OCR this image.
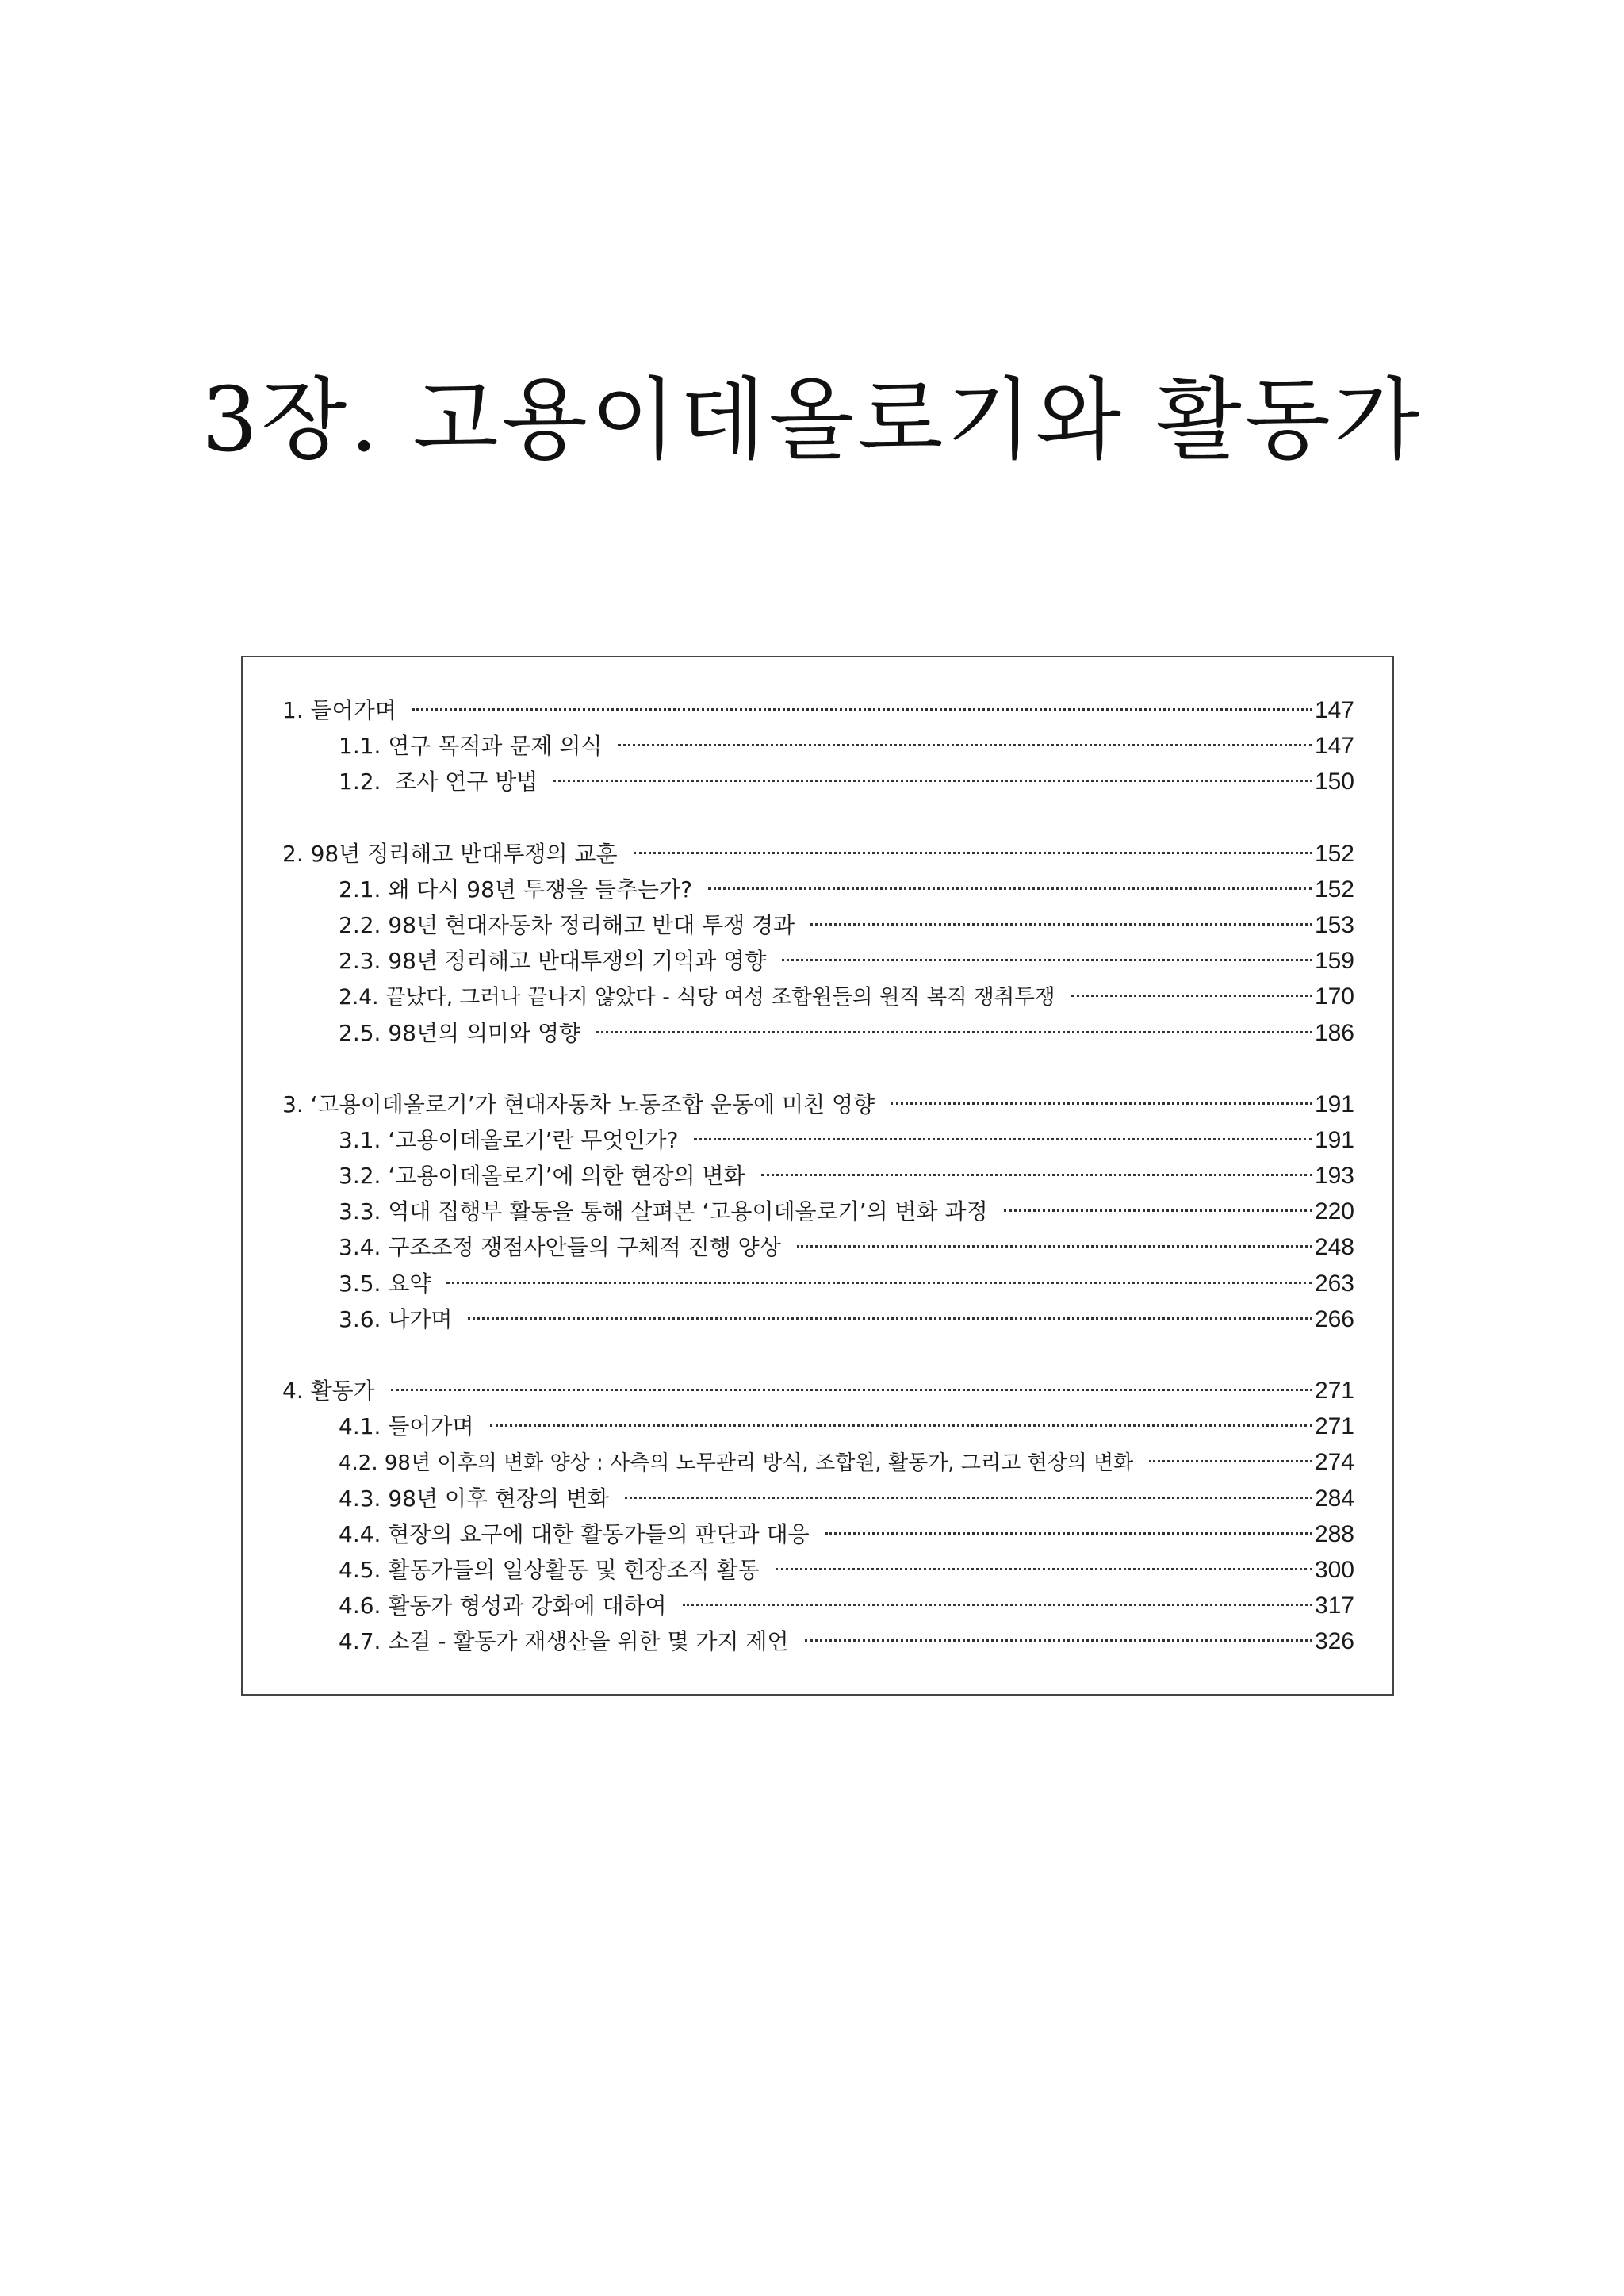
3장. 고용이데올로기와 활동가
1. 들어가며	147
1.1. 연구 목적과 문제 의식	147
1.2.  조사 연구 방법	150
2. 98년 정리해고 반대투쟁의 교훈	152
2.1. 왜 다시 98년 투쟁을 들추는가?	152
2.2. 98년 현대자동차 정리해고 반대 투쟁 경과	153
2.3. 98년 정리해고 반대투쟁의 기억과 영향	159
2.4. 끝났다, 그러나 끝나지 않았다 - 식당 여성 조합원들의 원직 복직 쟁취투쟁	170
2.5. 98년의 의미와 영향	186
3. ‘고용이데올로기’가 현대자동차 노동조합 운동에 미친 영향	191
3.1. ‘고용이데올로기’란 무엇인가?	191
3.2. ‘고용이데올로기’에 의한 현장의 변화	193
3.3. 역대 집행부 활동을 통해 살펴본 ‘고용이데올로기’의 변화 과정	220
3.4. 구조조정 쟁점사안들의 구체적 진행 양상	248
3.5. 요약	263
3.6. 나가며	266
4. 활동가	271
4.1. 들어가며	271
4.2. 98년 이후의 변화 양상 : 사측의 노무관리 방식, 조합원, 활동가, 그리고 현장의 변화	274
4.3. 98년 이후 현장의 변화	284
4.4. 현장의 요구에 대한 활동가들의 판단과 대응	288
4.5. 활동가들의 일상활동 및 현장조직 활동	300
4.6. 활동가 형성과 강화에 대하여	317
4.7. 소결 - 활동가 재생산을 위한 몇 가지 제언	326
